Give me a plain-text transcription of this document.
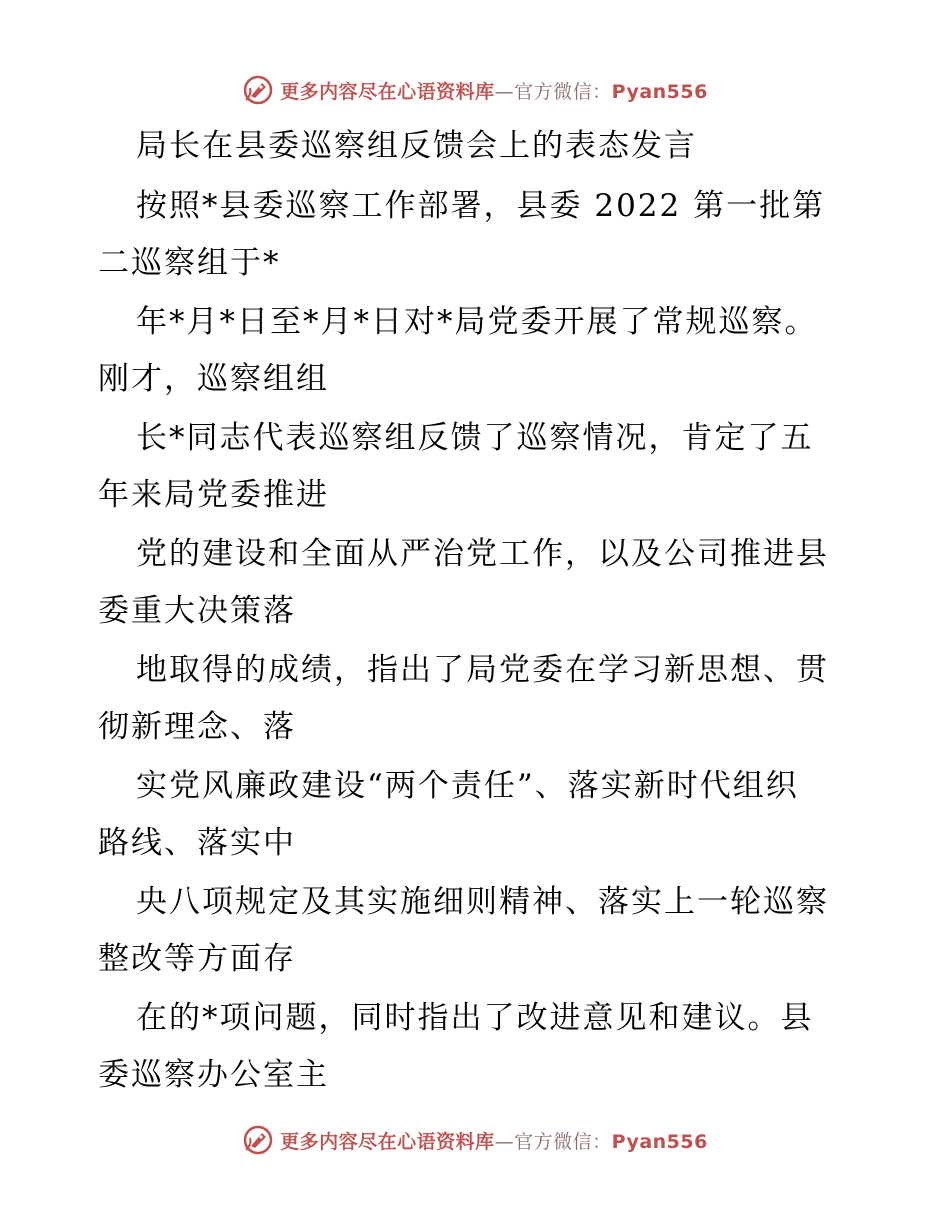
更多内容尽在心语资料库—官方微信：Pyan556
局长在县委巡察组反馈会上的表态发言
按照*县委巡察工作部署，县委 2022 第一批第
二巡察组于*
年*月*日至*月*日对*局党委开展了常规巡察。
刚才，巡察组组
长*同志代表巡察组反馈了巡察情况，肯定了五
年来局党委推进
党的建设和全面从严治党工作，以及公司推进县
委重大决策落
地取得的成绩，指出了局党委在学习新思想、贯
彻新理念、落
实党风廉政建设“两个责任”、落实新时代组织
路线、落实中
央八项规定及其实施细则精神、落实上一轮巡察
整改等方面存
在的*项问题，同时指出了改进意见和建议。县
委巡察办公室主
更多内容尽在心语资料库—官方微信：Pyan556
